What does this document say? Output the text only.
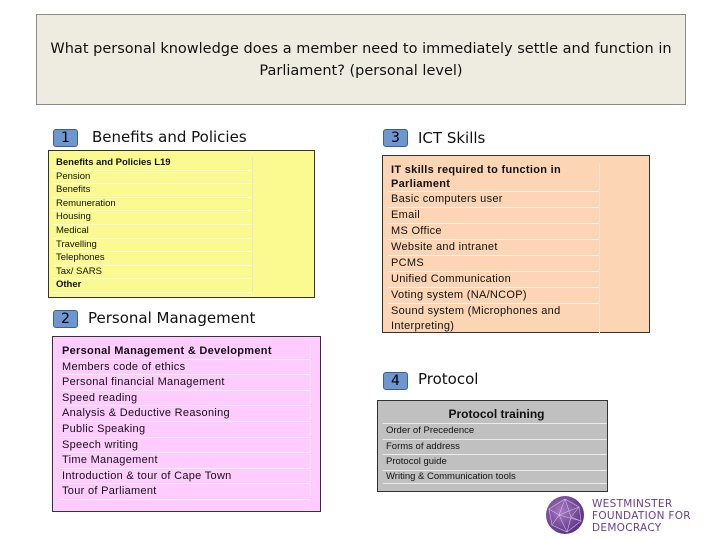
What personal knowledge does a member need to immediately settle and function in Parliament? (personal level)
1	Benefits and Policies
Benefits and Policies L19
Pension
Benefits
Remuneration
Housing
Medical
Travelling
Telephones
Tax/ SARS
Other
2	Personal Management
Personal Management & Development
Members code of ethics
Personal financial Management
Speed reading
Analysis & Deductive Reasoning
Public Speaking
Speech writing
Time Management
Introduction & tour of Cape Town
Tour of Parliament
3	ICT Skills
IT skills required to function in Parliament
Basic computers user
Email
MS Office
Website and intranet
PCMS
Unified Communication
Voting system (NA/NCOP)
Sound system (Microphones and Interpreting)
4	Protocol
Protocol training
Order of Precedence
Forms of address
Protocol guide
Writing & Communication tools
WESTMINSTER
FOUNDATION FOR
DEMOCRACY
